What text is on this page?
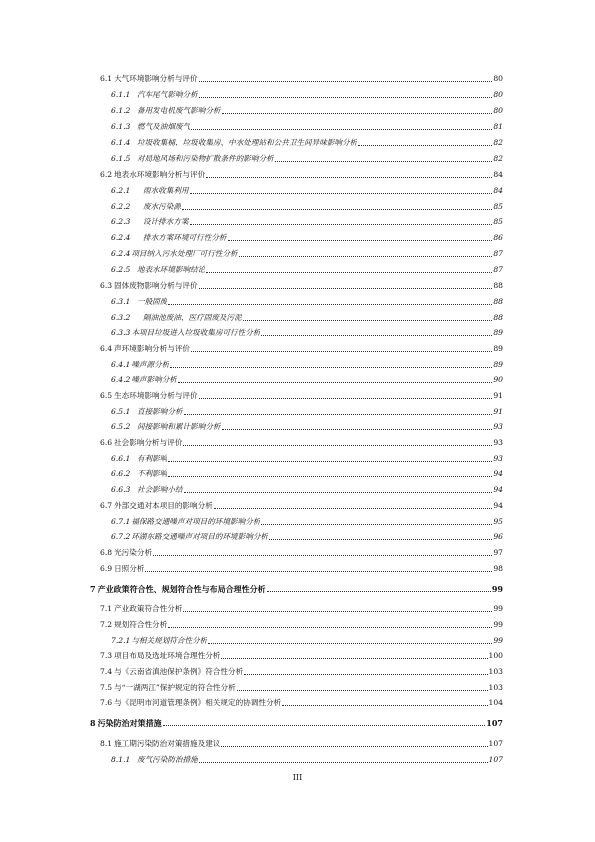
6.1 大气环境影响分析与评价	80
6.1.1 汽车尾气影响分析	80
6.1.2 备用发电机废气影响分析	80
6.1.3 燃气及油烟废气	81
6.1.4 垃圾收集桶、垃圾收集房、中水处理站和公共卫生间异味影响分析	82
6.1.5 对局地风场和污染物扩散条件的影响分析	82
6.2 地表水环境影响分析与评价	84
6.2.1	雨水收集利用	84
6.2.2	废水污染源	85
6.2.3	设计排水方案	85
6.2.4	排水方案环境可行性分析	86
6.2.4 项目纳入污水处理厂可行性分析	87
6.2.5 地表水环境影响结论	87
6.3 固体废物影响分析与评价	88
6.3.1 一般固废	88
6.3.2	隔油池废油、医疗固废及污泥	88
6.3.3 本项目垃圾进入垃圾收集房可行性分析	89
6.4 声环境影响分析与评价	89
6.4.1 噪声源分析	89
6.4.2 噪声影响分析	90
6.5 生态环境影响分析与评价	91
6.5.1 直接影响分析	91
6.5.2 间接影响和累计影响分析	93
6.6 社会影响分析与评价	93
6.6.1 有利影响	93
6.6.2 不利影响	94
6.6.3 社会影响小结	94
6.7 外部交通对本项目的影响分析	94
6.7.1 福保路交通噪声对项目的环境影响分析	95
6.7.2 环湖东路交通噪声对项目的环境影响分析	96
6.8 光污染分析	97
6.9 日照分析	98
7 产业政策符合性、规划符合性与布局合理性分析	99
7.1 产业政策符合性分析	99
7.2 规划符合性分析	99
7.2.1 与相关规划符合性分析	99
7.3 项目布局及选址环境合理性分析	100
7.4 与《云南省滇池保护条例》符合性分析	103
7.5 与“一湖两江”保护规定的符合性分析	103
7.6 与《昆明市河道管理条例》相关规定的协调性分析	104
8 污染防治对策措施	107
8.1 施工期污染防治对策措施及建议	107
8.1.1 废气污染防治措施	107
III
